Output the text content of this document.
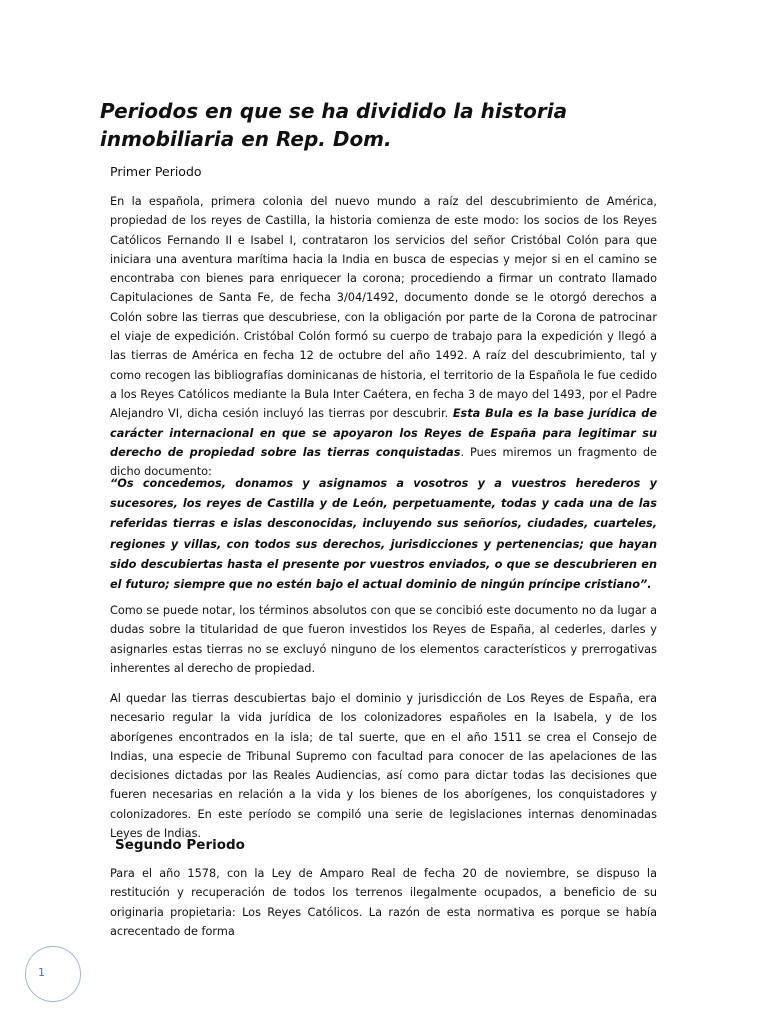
Periodos en que se ha dividido la historia inmobiliaria en Rep. Dom.
Primer Periodo

En la española, primera colonia del nuevo mundo a raíz del descubrimiento de América, propiedad de los reyes de Castilla, la historia comienza de este modo: los socios de los Reyes Católicos Fernando II e Isabel I, contrataron los servicios del señor Cristóbal Colón para que iniciara una aventura marítima hacia la India en busca de especias y mejor si en el camino se encontraba con bienes para enriquecer la corona; procediendo a firmar un contrato llamado Capitulaciones de Santa Fe, de fecha 3/04/1492, documento donde se le otorgó derechos a Colón sobre las tierras que descubriese, con la obligación por parte de la Corona de patrocinar el viaje de expedición. Cristóbal Colón formó su cuerpo de trabajo para la expedición y llegó a las tierras de América en fecha 12 de octubre del año 1492. A raíz del descubrimiento, tal y como recogen las bibliografías dominicanas de historia, el territorio de la Española le fue cedido a los Reyes Católicos mediante la Bula Inter Caétera, en fecha 3 de mayo del 1493, por el Padre Alejandro VI, dicha cesión incluyó las tierras por descubrir. Esta Bula es la base jurídica de carácter internacional en que se apoyaron los Reyes de España para legitimar su derecho de propiedad sobre las tierras conquistadas. Pues miremos un fragmento de dicho documento:

“Os concedemos, donamos y asignamos a vosotros y a vuestros herederos y sucesores, los reyes de Castilla y de León, perpetuamente, todas y cada una de las referidas tierras e islas desconocidas, incluyendo sus señoríos, ciudades, cuarteles, regiones y villas, con todos sus derechos, jurisdicciones y pertenencias; que hayan sido descubiertas hasta el presente por vuestros enviados, o que se descubrieren en el futuro; siempre que no estén bajo el actual dominio de ningún príncipe cristiano”.

Como se puede notar, los términos absolutos con que se concibió este documento no da lugar a dudas sobre la titularidad de que fueron investidos los Reyes de España, al cederles, darles y asignarles estas tierras no se excluyó ninguno de los elementos característicos y prerrogativas inherentes al derecho de propiedad.

Al quedar las tierras descubiertas bajo el dominio y jurisdicción de Los Reyes de España, era necesario regular la vida jurídica de los colonizadores españoles en la Isabela, y de los aborígenes encontrados en la isla; de tal suerte, que en el año 1511 se crea el Consejo de Indias, una especie de Tribunal Supremo con facultad para conocer de las apelaciones de las decisiones dictadas por las Reales Audiencias, así como para dictar todas las decisiones que fueren necesarias en relación a la vida y los bienes de los aborígenes, los conquistadores y colonizadores. En este período se compiló una serie de legislaciones internas denominadas Leyes de Indias.

Segundo Periodo

Para el año 1578, con la Ley de Amparo Real de fecha 20 de noviembre, se dispuso la restitución y recuperación de todos los terrenos ilegalmente ocupados, a beneficio de su originaria propietaria: Los Reyes Católicos. La razón de esta normativa es porque se había acrecentado de forma

1
